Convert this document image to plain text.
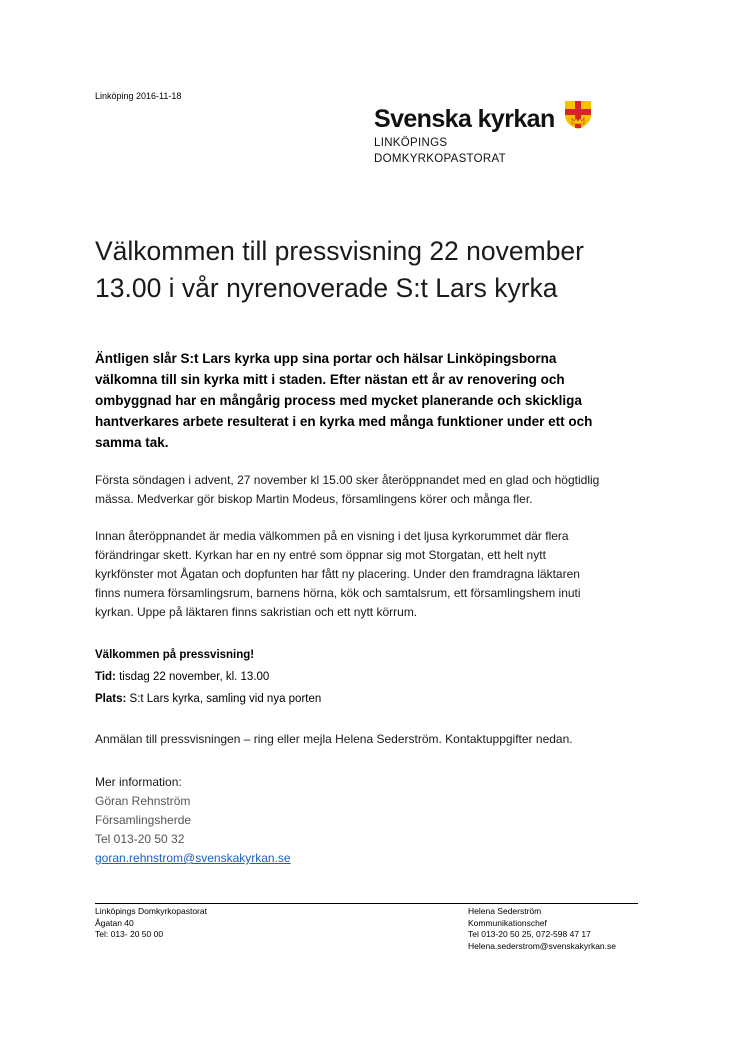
Linköping 2016-11-18
Svenska kyrkan
LINKÖPINGS
DOMKYRKOPASTORAT
Välkommen till pressvisning 22 november
13.00 i vår nyrenoverade S:t Lars kyrka
Äntligen slår S:t Lars kyrka upp sina portar och hälsar Linköpingsborna
välkomna till sin kyrka mitt i staden. Efter nästan ett år av renovering och
ombyggnad har en mångårig process med mycket planerande och skickliga
hantverkares arbete resulterat i en kyrka med många funktioner under ett och
samma tak.
Första söndagen i advent, 27 november kl 15.00 sker återöppnandet med en glad och högtidlig
mässa. Medverkar gör biskop Martin Modeus, församlingens körer och många fler.
Innan återöppnandet är media välkommen på en visning i det ljusa kyrkorummet där flera
förändringar skett. Kyrkan har en ny entré som öppnar sig mot Storgatan, ett helt nytt
kyrkfönster mot Ågatan och dopfunten har fått ny placering. Under den framdragna läktaren
finns numera församlingsrum, barnens hörna, kök och samtalsrum, ett församlingshem inuti
kyrkan. Uppe på läktaren finns sakristian och ett nytt körrum.
Välkommen på pressvisning!
Tid: tisdag 22 november, kl. 13.00
Plats: S:t Lars kyrka, samling vid nya porten
Anmälan till pressvisningen – ring eller mejla Helena Sederström. Kontaktuppgifter nedan.
Mer information:
Göran Rehnström
Församlingsherde
Tel 013-20 50 32
goran.rehnstrom@svenskakyrkan.se
Linköpings Domkyrkopastorat
Ågatan 40
Tel: 013- 20 50 00
Helena Sederström
Kommunikationschef
Tel 013-20 50 25, 072-598 47 17
Helena.sederstrom@svenskakyrkan.se
